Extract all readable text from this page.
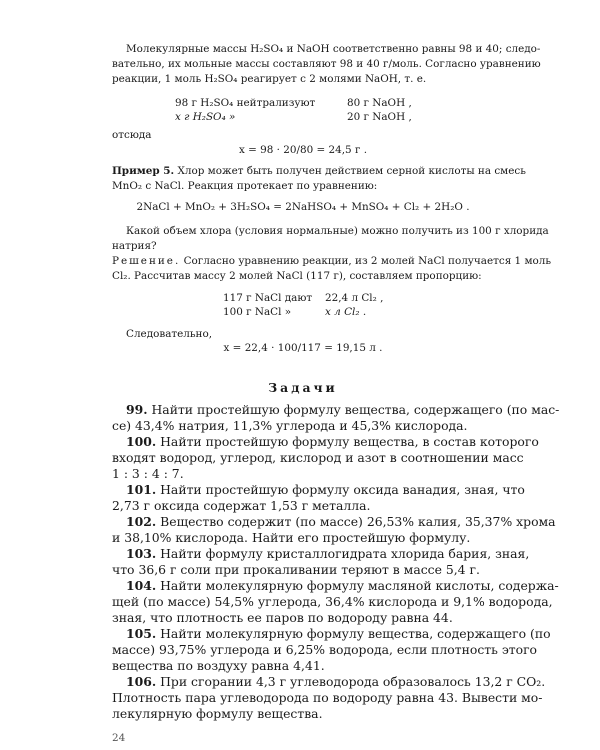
Молекулярные массы H₂SO₄ и NaOH соответственно равны 98 и 40; следо-
вательно, их мольные массы составляют 98 и 40 г/моль. Согласно уравнению
реакции, 1 моль H₂SO₄ реагирует с 2 молями NaOH, т. е.
98 г H₂SO₄ нейтрализуют	80 г NaOH ,
x г H₂SO₄ »	20 г NaOH ,
отсюда
x = 98 · 20/80 = 24,5 г .
Пример 5. Хлор может быть получен действием серной кислоты на смесь
MnO₂ с NaCl. Реакция протекает по уравнению:
2NaCl + MnO₂ + 3H₂SO₄ = 2NaHSO₄ + MnSO₄ + Cl₂ + 2H₂O .
Какой объем хлора (условия нормальные) можно получить из 100 г хлорида
натрия?
Решение. Согласно уравнению реакции, из 2 молей NaCl получается 1 моль
Cl₂. Рассчитав массу 2 молей NaCl (117 г), составляем пропорцию:
117 г NaCl дают 22,4 л Cl₂ ,
100 г NaCl »	x л Cl₂ .
Следовательно,
x = 22,4 · 100/117 = 19,15 л .
Задачи
99. Найти простейшую формулу вещества, содержащего (по мас-
се) 43,4% натрия, 11,3% углерода и 45,3% кислорода.
100. Найти простейшую формулу вещества, в состав которого
входят водород, углерод, кислород и азот в соотношении масс
1 : 3 : 4 : 7.
101. Найти простейшую формулу оксида ванадия, зная, что
2,73 г оксида содержат 1,53 г металла.
102. Вещество содержит (по массе) 26,53% калия, 35,37% хрома
и 38,10% кислорода. Найти его простейшую формулу.
103. Найти формулу кристаллогидрата хлорида бария, зная,
что 36,6 г соли при прокаливании теряют в массе 5,4 г.
104. Найти молекулярную формулу масляной кислоты, содержа-
щей (по массе) 54,5% углерода, 36,4% кислорода и 9,1% водорода,
зная, что плотность ее паров по водороду равна 44.
105. Найти молекулярную формулу вещества, содержащего (по
массе) 93,75% углерода и 6,25% водорода, если плотность этого
вещества по воздуху равна 4,41.
106. При сгорании 4,3 г углеводорода образовалось 13,2 г CO₂.
Плотность пара углеводорода по водороду равна 43. Вывести мо-
лекулярную формулу вещества.
24
